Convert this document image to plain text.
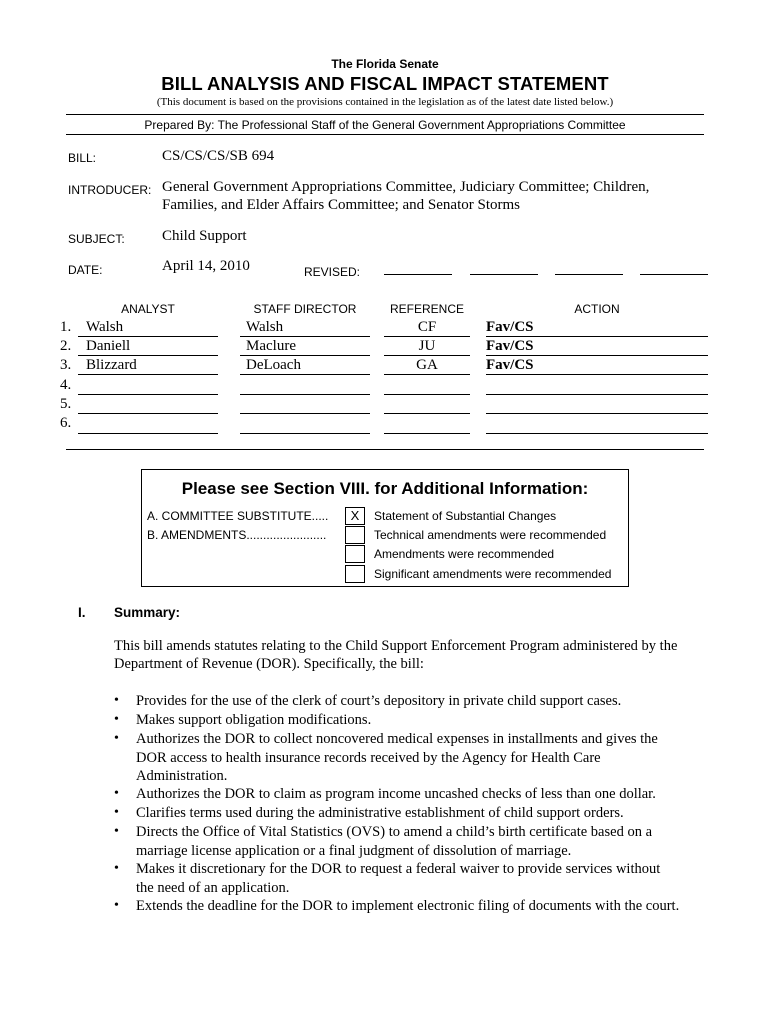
The Florida Senate
BILL ANALYSIS AND FISCAL IMPACT STATEMENT
(This document is based on the provisions contained in the legislation as of the latest date listed below.)
Prepared By: The Professional Staff of the General Government Appropriations Committee
BILL:	CS/CS/CS/SB 694
INTRODUCER: General Government Appropriations Committee, Judiciary Committee; Children,
Families, and Elder Affairs Committee; and Senator Storms
SUBJECT: Child Support
DATE:	April 14, 2010	REVISED:
ANALYST	STAFF DIRECTOR	REFERENCE	ACTION
1. Walsh	Walsh	CF	Fav/CS
2. Daniell	Maclure	JU	Fav/CS
3. Blizzard	DeLoach	GA	Fav/CS
4.
5.
6.
Please see Section VIII. for Additional Information:
A. COMMITTEE SUBSTITUTE.....
B. AMENDMENTS........................
X	Statement of Substantial Changes
Technical amendments were recommended
Amendments were recommended
Significant amendments were recommended
I. Summary:
This bill amends statutes relating to the Child Support Enforcement Program administered by the
Department of Revenue (DOR). Specifically, the bill:
• Provides for the use of the clerk of court’s depository in private child support cases.
• Makes support obligation modifications.
• Authorizes the DOR to collect noncovered medical expenses in installments and gives the
DOR access to health insurance records received by the Agency for Health Care
Administration.
• Authorizes the DOR to claim as program income uncashed checks of less than one dollar.
• Clarifies terms used during the administrative establishment of child support orders.
• Directs the Office of Vital Statistics (OVS) to amend a child’s birth certificate based on a
marriage license application or a final judgment of dissolution of marriage.
• Makes it discretionary for the DOR to request a federal waiver to provide services without
the need of an application.
• Extends the deadline for the DOR to implement electronic filing of documents with the court.
